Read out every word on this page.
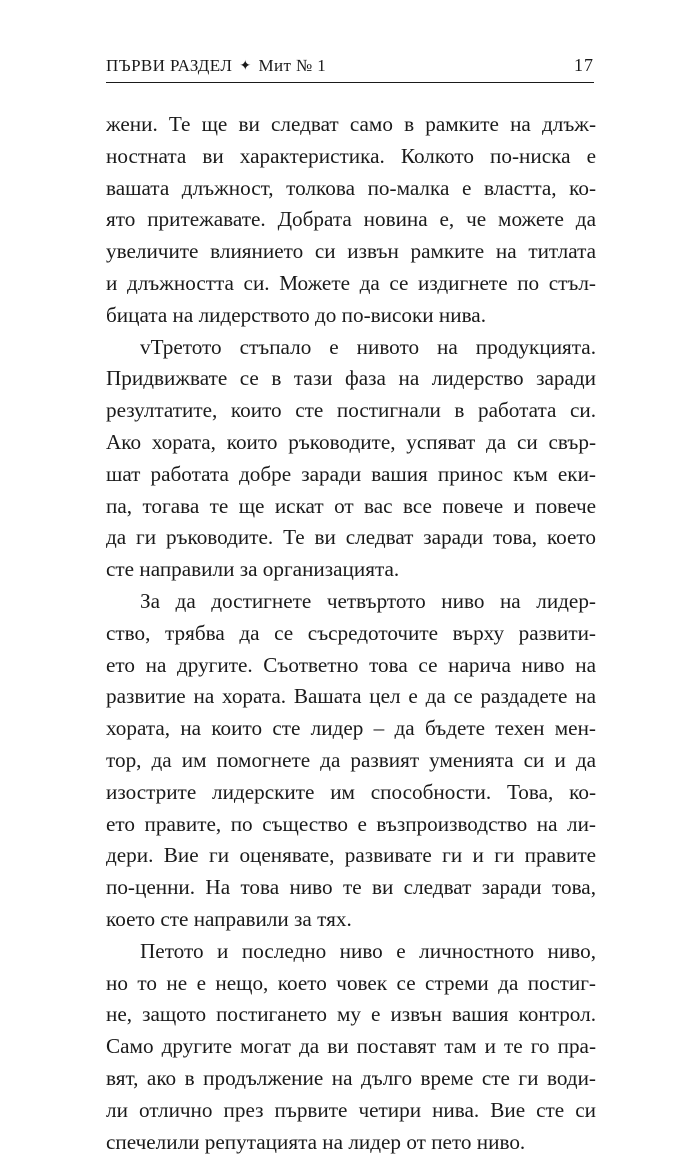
ПЪРВИ РАЗДЕЛ ✦ Мит № 1	17
жени. Те ще ви следват само в рамките на длъж-
ностната ви характеристика. Колкото по-ниска е
вашата длъжност, толкова по-малка е властта, ко-
ято притежавате. Добрата новина е, че можете да
увеличите влиянието си извън рамките на титлата
и длъжността си. Можете да се издигнете по стъл-
бицата на лидерството до по-високи нива.
vТретото стъпало е нивото на продукцията.
Придвижвате се в тази фаза на лидерство заради
резултатите, които сте постигнали в работата си.
Ако хората, които ръководите, успяват да си свър-
шат работата добре заради вашия принос към еки-
па, тогава те ще искат от вас все повече и повече
да ги ръководите. Те ви следват заради това, което
сте направили за организацията.
За да достигнете четвъртото ниво на лидер-
ство, трябва да се съсредоточите върху развити-
ето на другите. Съответно това се нарича ниво на
развитие на хората. Вашата цел е да се раздадете на
хората, на които сте лидер – да бъдете техен мен-
тор, да им помогнете да развият уменията си и да
изострите лидерските им способности. Това, ко-
ето правите, по същество е възпроизводство на ли-
дери. Вие ги оценявате, развивате ги и ги правите
по-ценни. На това ниво те ви следват заради това,
което сте направили за тях.
Петото и последно ниво е личностното ниво,
но то не е нещо, което човек се стреми да постиг-
не, защото постигането му е извън вашия контрол.
Само другите могат да ви поставят там и те го пра-
вят, ако в продължение на дълго време сте ги води-
ли отлично през първите четири нива. Вие сте си
спечелили репутацията на лидер от пето ниво.
